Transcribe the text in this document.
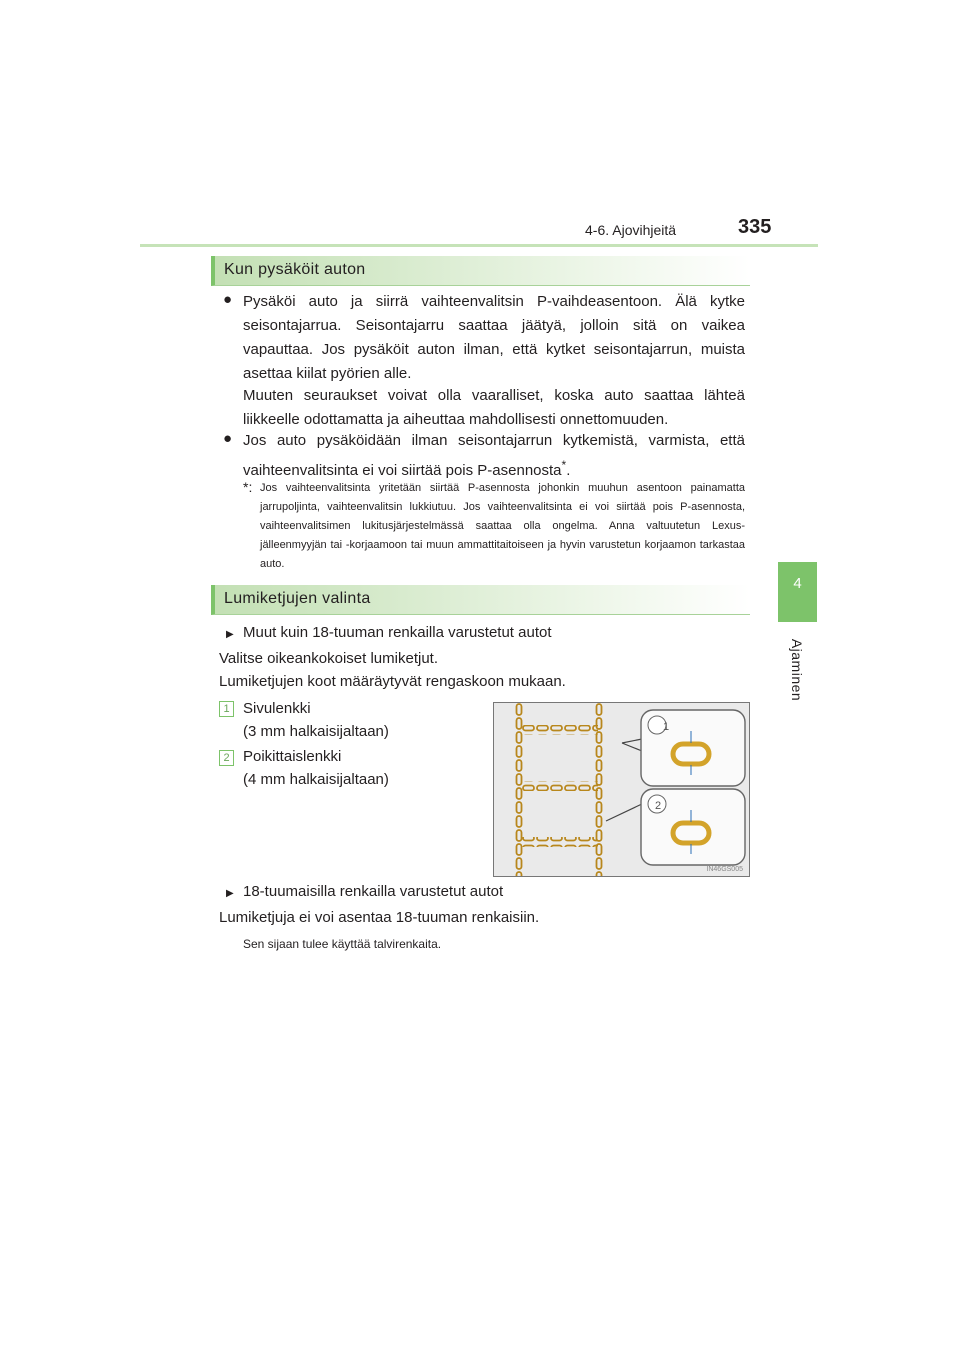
4-6. Ajovihjeitä	335
4
Ajaminen
Kun pysäköit auton
● Pysäköi auto ja siirrä vaihteenvalitsin P-vaihdeasentoon. Älä kytke seisontajarrua. Seisontajarru saattaa jäätyä, jolloin sitä on vaikea vapauttaa. Jos pysäköit auton ilman, että kytket seisontajarrun, muista asettaa kiilat pyörien alle.
Muuten seuraukset voivat olla vaaralliset, koska auto saattaa lähteä liikkeelle odottamatta ja aiheuttaa mahdollisesti onnettomuuden.
● Jos auto pysäköidään ilman seisontajarrun kytkemistä, varmista, että vaihteenvalitsinta ei voi siirtää pois P-asennosta*.
*: Jos vaihteenvalitsinta yritetään siirtää P-asennosta johonkin muuhun asentoon painamatta jarrupoljinta, vaihteenvalitsin lukkiutuu. Jos vaihteenvalitsinta ei voi siirtää pois P-asennosta, vaihteenvalitsimen lukitusjärjestelmässä saattaa olla ongelma. Anna valtuutetun Lexus-jälleenmyyjän tai -korjaamoon tai muun ammattitaitoiseen ja hyvin varustetun korjaamon tarkastaa auto.
Lumiketjujen valinta
▶ Muut kuin 18-tuuman renkailla varustetut autot
Valitse oikeankokoiset lumiketjut.
Lumiketjujen koot määräytyvät rengaskoon mukaan.
1 Sivulenkki
(3 mm halkaisijaltaan)
2 Poikittaislenkki
(4 mm halkaisijaltaan)
1
2
IN46GS005
▶ 18-tuumaisilla renkailla varustetut autot
Lumiketjuja ei voi asentaa 18-tuuman renkaisiin.
Sen sijaan tulee käyttää talvirenkaita.
